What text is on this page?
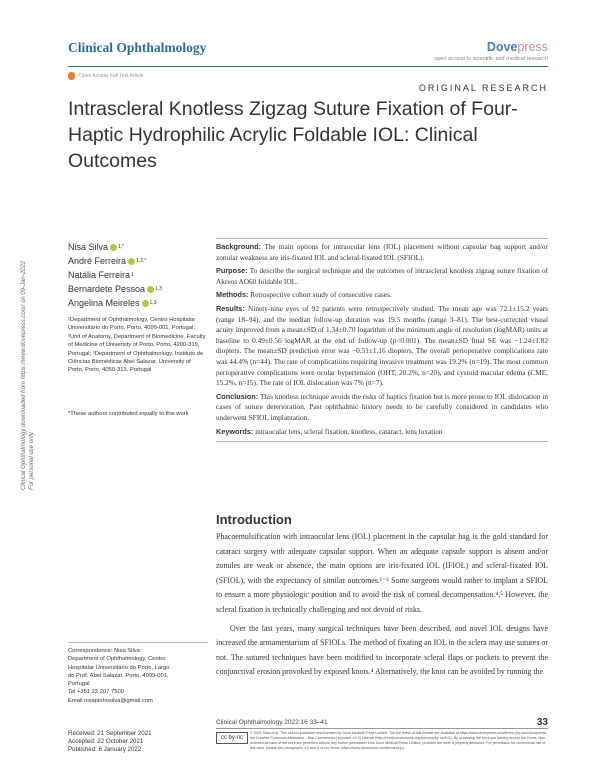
Clinical Ophthalmology	Dovepress
open access to scientific and medical research
Open Access Full Text Article
ORIGINAL RESEARCH
Intrascleral Knotless Zigzag Suture Fixation of Four-Haptic Hydrophilic Acrylic Foldable IOL: Clinical Outcomes
Clinical Ophthalmology downloaded from https://www.dovepress.com/ on 09-Jan-2022 For personal use only.
Nisa Silva 1,*
André Ferreira 1,2,*
Natália Ferreira 1
Bernardete Pessoa 1,3
Angelina Meireles 1,3
¹Department of Ophthalmology, Centro Hospitalar Universitário do Porto, Porto, 4099-001, Portugal; ²Unit of Anatomy, Department of Biomedicine, Faculty of Medicine of University of Porto, Porto, 4200-319, Portugal; ³Department of Ophthalmology, Instituto de Ciências Biomédicas Abel Salazar, University of Porto, Porto, 4050-313, Portugal
*These authors contributed equally to this work
Correspondence: Nisa Silva
Department of Ophthalmology, Centro
Hospitalar Universitário do Porto, Largo
do Prof. Abel Salazar, Porto, 4099-001,
Portugal
Tel +351 22 207 7500
Email nisapinhosilva@gmail.com
Received: 21 September 2021
Accepted: 22 October 2021
Published: 6 January 2022

Background: The main options for intraocular lens (IOL) placement without capsular bag support and/or zonular weakness are iris-fixated IOL and scleral-fixated IOL (SFIOL).

Purpose: To describe the surgical technique and the outcomes of intrascleral knotless zigzag suture fixation of Akreos AO60 foldable IOL.

Methods: Retrospective cohort study of consecutive cases.

Results: Ninety-nine eyes of 92 patients were retrospectively studied. The mean age was 72.1±15.2 years (range 18–94), and the median follow-up duration was 19.5 months (range 3–81). The best-corrected visual acuity improved from a mean±SD of 1.34±0.70 logarithm of the minimum angle of resolution (logMAR) units at baseline to 0.49±0.56 logMAR at the end of follow-up (p<0.001). The mean±SD final SE was −1.24±1.82 diopters. The mean±SD prediction error was −0.51±1.16 diopters. The overall perioperative complications rate was 44.4% (n=44). The rate of complications requiring invasive treatment was 19.2% (n=19). The most common perioperative complications were ocular hypertension (OHT, 20.2%, n=20), and cystoid macular edema (CME, 15.2%, n=15). The rate of IOL dislocation was 7% (n=7).

Conclusion: This knotless technique avoids the risks of haptics fixation but is more prone to IOL dislocation in cases of suture deterioration. Past ophthalmic history needs to be carefully considered in candidates who underwent SFIOL implantation.

Keywords: intraocular lens, scleral fixation, knotless, cataract, lens luxation

Introduction

Phacoemulsification with intraocular lens (IOL) placement in the capsular bag is the gold standard for cataract surgery with adequate capsular support. When an adequate capsule support is absent and/or zonules are weak or absence, the main options are iris-fixated IOL (IFIOL) and scleral-fixated IOL (SFIOL), with the expectancy of similar outcomes.¹⁻³ Some surgeons would rather to implant a SFIOL to ensure a more physiologic position and to avoid the risk of corneal decompensation.⁴,⁵ However, the scleral fixation is technically challenging and not devoid of risks.

Over the last years, many surgical techniques have been described, and novel IOL designs have increased the armamentarium of SFIOLs. The method of fixating an IOL in the sclera may use sutures or not. The sutured techniques have been modified to incorporate scleral flaps or pockets to prevent the conjunctival erosion provoked by exposed knots.⁴ Alternatively, the knot can be avoided by running the

Clinical Ophthalmology 2022:16 33–41	33
cc by-nc
© 2022 Silva et al. This work is published and licensed by Dove Medical Press Limited. The full terms of this license are available at https://www.dovepress.com/terms.php and incorporate the Creative Commons Attribution – Non Commercial (unported, v3.0) License (http://creativecommons.org/licenses/by-nc/3.0/). By accessing the work you hereby accept the Terms. Non-commercial uses of the work are permitted without any further permission from Dove Medical Press Limited, provided the work is properly attributed. For permission for commercial use of this work, please see paragraphs 4.2 and 5 of our Terms (https://www.dovepress.com/terms.php).
